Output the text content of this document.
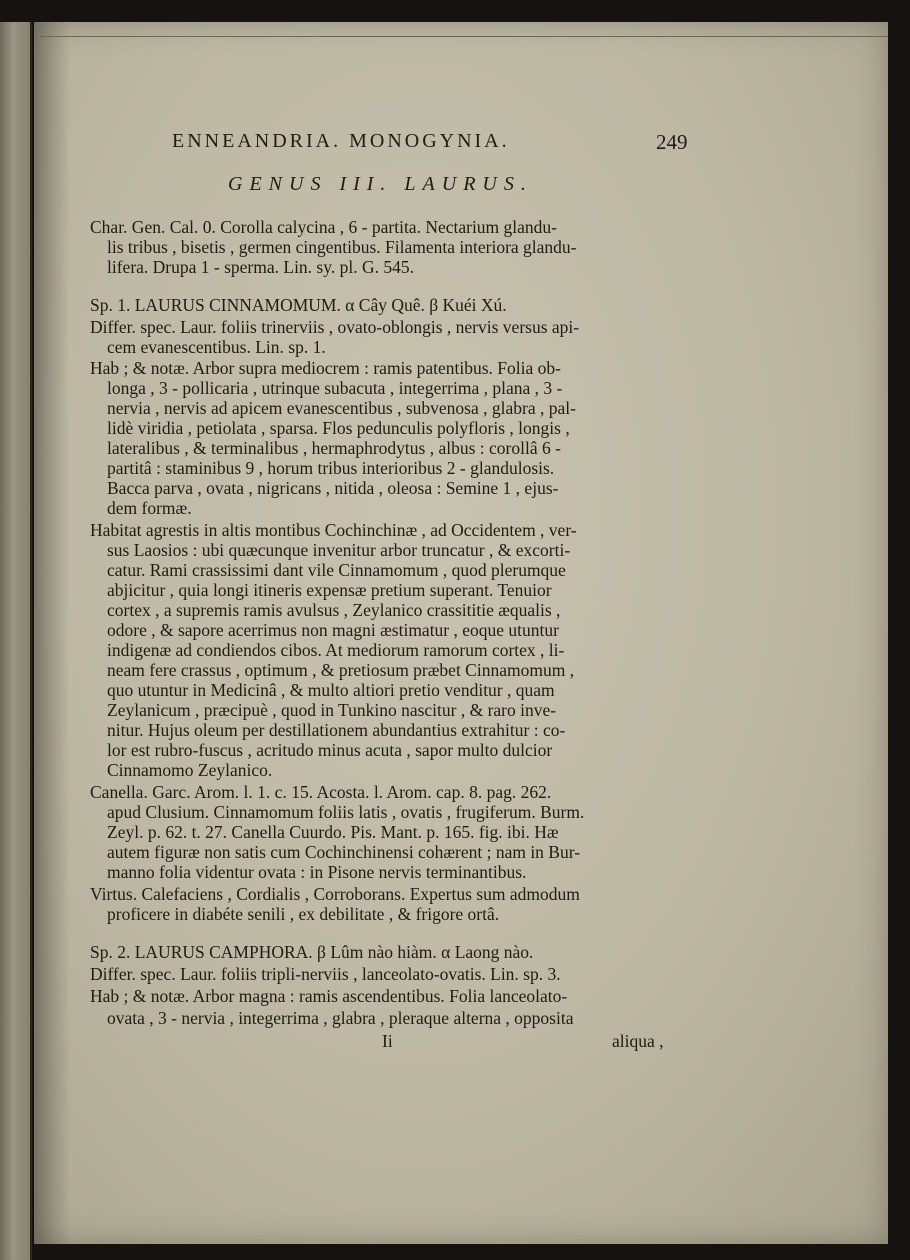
ENNEANDRIA. MONOGYNIA.	249
GENUS III. LAURUS.

Char. Gen. Cal. 0. Corolla calycina , 6 - partita. Nectarium glandu-

lis tribus , bisetis , germen cingentibus. Filamenta interiora glandu-

lifera. Drupa 1 - sperma. Lin. sy. pl. G. 545.

Sp. 1. LAURUS CINNAMOMUM. α Cây Quê. β Kuéi Xú.

Differ. spec. Laur. foliis trinerviis , ovato-oblongis , nervis versus api-

cem evanescentibus. Lin. sp. 1.

Hab ; & notæ. Arbor supra mediocrem : ramis patentibus. Folia ob-

longa , 3 - pollicaria , utrinque subacuta , integerrima , plana , 3 -

nervia , nervis ad apicem evanescentibus , subvenosa , glabra , pal-

lidè viridia , petiolata , sparsa. Flos pedunculis polyfloris , longis ,

lateralibus , & terminalibus , hermaphrodytus , albus : corollâ 6 -

partitâ : staminibus 9 , horum tribus interioribus 2 - glandulosis.

Bacca parva , ovata , nigricans , nitida , oleosa : Semine 1 , ejus-

dem formæ.

Habitat agrestis in altis montibus Cochinchinæ , ad Occidentem , ver-

sus Laosios : ubi quæcunque invenitur arbor truncatur , & excorti-

catur. Rami crassissimi dant vile Cinnamomum , quod plerumque

abjicitur , quia longi itineris expensæ pretium superant. Tenuior

cortex , a supremis ramis avulsus , Zeylanico crassititie æqualis ,

odore , & sapore acerrimus non magni æstimatur , eoque utuntur

indigenæ ad condiendos cibos. At mediorum ramorum cortex , li-

neam fere crassus , optimum , & pretiosum præbet Cinnamomum ,

quo utuntur in Medicinâ , & multo altiori pretio venditur , quam

Zeylanicum , præcipuè , quod in Tunkino nascitur , & raro inve-

nitur. Hujus oleum per destillationem abundantius extrahitur : co-

lor est rubro-fuscus , acritudo minus acuta , sapor multo dulcior

Cinnamomo Zeylanico.

Canella. Garc. Arom. l. 1. c. 15. Acosta. l. Arom. cap. 8. pag. 262.

apud Clusium. Cinnamomum foliis latis , ovatis , frugiferum. Burm.

Zeyl. p. 62. t. 27. Canella Cuurdo. Pis. Mant. p. 165. fig. ibi. Hæ

autem figuræ non satis cum Cochinchinensi cohærent ; nam in Bur-

manno folia videntur ovata : in Pisone nervis terminantibus.

Virtus. Calefaciens , Cordialis , Corroborans. Expertus sum admodum

proficere in diabéte senili , ex debilitate , & frigore ortâ.

Sp. 2. LAURUS CAMPHORA. β Lûm nào hiàm. α Laong nào.

Differ. spec. Laur. foliis tripli-nerviis , lanceolato-ovatis. Lin. sp. 3.

Hab ; & notæ. Arbor magna : ramis ascendentibus. Folia lanceolato-

ovata , 3 - nervia , integerrima , glabra , pleraque alterna , opposita

Ii	aliqua ,
